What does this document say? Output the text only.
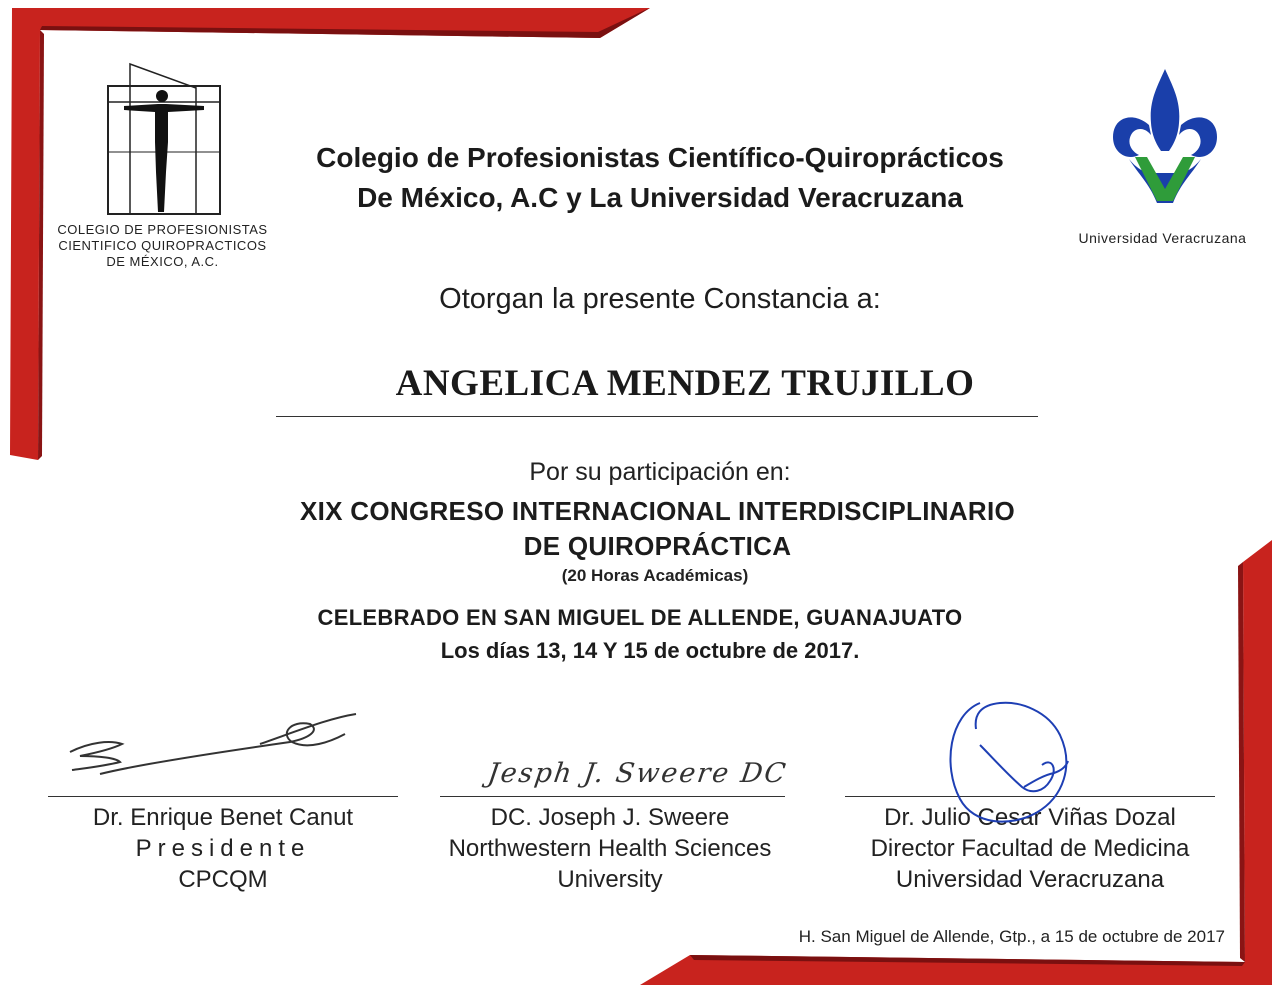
COLEGIO DE PROFESIONISTAS
CIENTIFICO QUIROPRACTICOS
DE MÉXICO, A.C.
Colegio de Profesionistas Científico-Quiroprácticos
De México, A.C y La Universidad Veracruzana
Universidad Veracruzana
Otorgan la presente Constancia a:
ANGELICA MENDEZ TRUJILLO
Por su participación en:
XIX CONGRESO INTERNACIONAL INTERDISCIPLINARIO
DE QUIROPRÁCTICA
(20 Horas Académicas)
CELEBRADO EN SAN MIGUEL DE ALLENDE, GUANAJUATO
Los días 13, 14 Y 15 de octubre de 2017.
Dr. Enrique Benet Canut
Presidente
CPCQM
Jesph J. Sweere DC
DC. Joseph J. Sweere
Northwestern Health Sciences
University
Dr. Julio Cesar Viñas Dozal
Director Facultad de Medicina
Universidad Veracruzana
H. San Miguel de Allende, Gtp., a 15 de octubre de 2017
